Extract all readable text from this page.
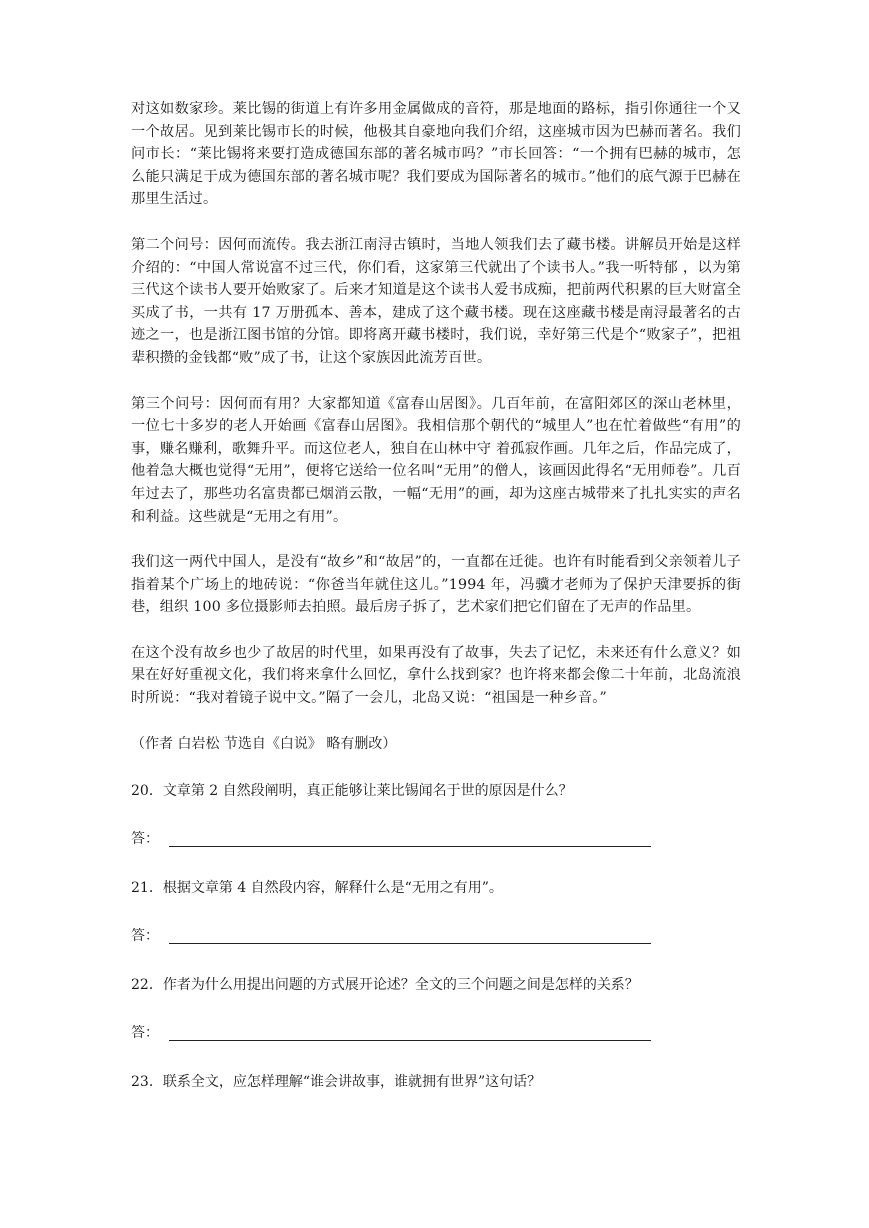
对这如数家珍。莱比锡的街道上有许多用金属做成的音符，那是地面的路标，指引你通往一个又一个故居。见到莱比锡市长的时候，他极其自豪地向我们介绍，这座城市因为巴赫而著名。我们问市长：“莱比锡将来要打造成德国东部的著名城市吗？”市长回答：“一个拥有巴赫的城市，怎么能只满足于成为德国东部的著名城市呢？我们要成为国际著名的城市。”他们的底气源于巴赫在那里生活过。

第二个问号：因何而流传。我去浙江南浔古镇时，当地人领我们去了藏书楼。讲解员开始是这样介绍的：“中国人常说富不过三代，你们看，这家第三代就出了个读书人。”我一听特郁 ，以为第三代这个读书人要开始败家了。后来才知道是这个读书人爱书成痴，把前两代积累的巨大财富全买成了书，一共有 17 万册孤本、善本，建成了这个藏书楼。现在这座藏书楼是南浔最著名的古迹之一，也是浙江图书馆的分馆。即将离开藏书楼时，我们说，幸好第三代是个“败家子”，把祖辈积攒的金钱都“败”成了书，让这个家族因此流芳百世。

第三个问号：因何而有用？大家都知道《富春山居图》。几百年前，在富阳郊区的深山老林里，一位七十多岁的老人开始画《富春山居图》。我相信那个朝代的“城里人”也在忙着做些“有用”的事，赚名赚利，歌舞升平。而这位老人，独自在山林中守 着孤寂作画。几年之后，作品完成了，他着急大概也觉得“无用”，便将它送给一位名叫“无用”的僧人，该画因此得名“无用师卷”。几百年过去了，那些功名富贵都已烟消云散，一幅“无用”的画，却为这座古城带来了扎扎实实的声名和利益。这些就是“无用之有用”。

我们这一两代中国人，是没有“故乡”和“故居”的，一直都在迁徙。也许有时能看到父亲领着儿子指着某个广场上的地砖说：“你爸当年就住这儿。”1994 年，冯骥才老师为了保护天津要拆的街巷，组织 100 多位摄影师去拍照。最后房子拆了，艺术家们把它们留在了无声的作品里。

在这个没有故乡也少了故居的时代里，如果再没有了故事，失去了记忆，未来还有什么意义？如果在好好重视文化，我们将来拿什么回忆，拿什么找到家？也许将来都会像二十年前，北岛流浪时所说：“我对着镜子说中文。”隔了一会儿，北岛又说：“祖国是一种乡音。”

（作者 白岩松 节选自《白说》 略有删改）

20．文章第 2 自然段阐明，真正能够让莱比锡闻名于世的原因是什么？

答：

21．根据文章第 4 自然段内容，解释什么是“无用之有用”。

答：

22．作者为什么用提出问题的方式展开论述？全文的三个问题之间是怎样的关系？

答：

23．联系全文，应怎样理解“谁会讲故事，谁就拥有世界”这句话？
